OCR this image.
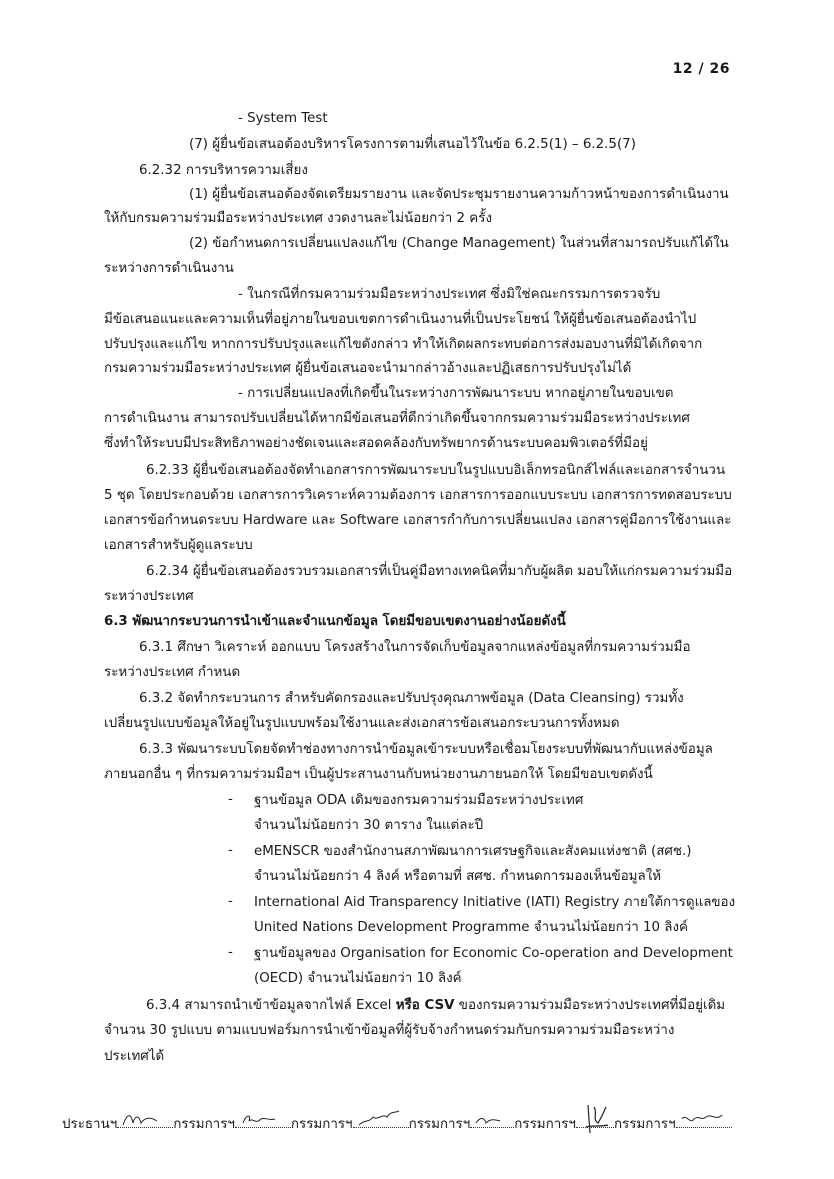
12 / 26
- System Test
(7) ผู้ยื่นข้อเสนอต้องบริหารโครงการตามที่เสนอไว้ในข้อ 6.2.5(1) – 6.2.5(7)
6.2.32 การบริหารความเสี่ยง
(1) ผู้ยื่นข้อเสนอต้องจัดเตรียมรายงาน และจัดประชุมรายงานความก้าวหน้าของการดำเนินงาน
ให้กับกรมความร่วมมือระหว่างประเทศ งวดงานละไม่น้อยกว่า 2 ครั้ง
(2) ข้อกำหนดการเปลี่ยนแปลงแก้ไข (Change Management) ในส่วนที่สามารถปรับแก้ได้ใน
ระหว่างการดำเนินงาน
- ในกรณีที่กรมความร่วมมือระหว่างประเทศ ซึ่งมิใช่คณะกรรมการตรวจรับ
มีข้อเสนอแนะและความเห็นที่อยู่ภายในขอบเขตการดำเนินงานที่เป็นประโยชน์ ให้ผู้ยื่นข้อเสนอต้องนำไป
ปรับปรุงและแก้ไข หากการปรับปรุงและแก้ไขดังกล่าว ทำให้เกิดผลกระทบต่อการส่งมอบงานที่มิได้เกิดจาก
กรมความร่วมมือระหว่างประเทศ ผู้ยื่นข้อเสนอจะนำมากล่าวอ้างและปฏิเสธการปรับปรุงไม่ได้
- การเปลี่ยนแปลงที่เกิดขึ้นในระหว่างการพัฒนาระบบ หากอยู่ภายในขอบเขต
การดำเนินงาน สามารถปรับเปลี่ยนได้หากมีข้อเสนอที่ดีกว่าเกิดขึ้นจากกรมความร่วมมือระหว่างประเทศ
ซึ่งทำให้ระบบมีประสิทธิภาพอย่างชัดเจนและสอดคล้องกับทรัพยากรด้านระบบคอมพิวเตอร์ที่มีอยู่
6.2.33 ผู้ยื่นข้อเสนอต้องจัดทำเอกสารการพัฒนาระบบในรูปแบบอิเล็กทรอนิกส์ไฟล์และเอกสารจำนวน
5 ชุด โดยประกอบด้วย เอกสารการวิเคราะห์ความต้องการ เอกสารการออกแบบระบบ เอกสารการทดสอบระบบ
เอกสารข้อกำหนดระบบ Hardware และ Software เอกสารกำกับการเปลี่ยนแปลง เอกสารคู่มือการใช้งานและ
เอกสารสำหรับผู้ดูแลระบบ
6.2.34 ผู้ยื่นข้อเสนอต้องรวบรวมเอกสารที่เป็นคู่มือทางเทคนิคที่มากับผู้ผลิต มอบให้แก่กรมความร่วมมือ
ระหว่างประเทศ
6.3 พัฒนากระบวนการนำเข้าและจำแนกข้อมูล โดยมีขอบเขตงานอย่างน้อยดังนี้
6.3.1 ศึกษา วิเคราะห์ ออกแบบ โครงสร้างในการจัดเก็บข้อมูลจากแหล่งข้อมูลที่กรมความร่วมมือ
ระหว่างประเทศ กำหนด
6.3.2 จัดทำกระบวนการ สำหรับคัดกรองและปรับปรุงคุณภาพข้อมูล (Data Cleansing) รวมทั้ง
เปลี่ยนรูปแบบข้อมูลให้อยู่ในรูปแบบพร้อมใช้งานและส่งเอกสารข้อเสนอกระบวนการทั้งหมด
6.3.3 พัฒนาระบบโดยจัดทำช่องทางการนำข้อมูลเข้าระบบหรือเชื่อมโยงระบบที่พัฒนากับแหล่งข้อมูล
ภายนอกอื่น ๆ ที่กรมความร่วมมือฯ เป็นผู้ประสานงานกับหน่วยงานภายนอกให้ โดยมีขอบเขตดังนี้
- ฐานข้อมูล ODA เดิมของกรมความร่วมมือระหว่างประเทศ
จำนวนไม่น้อยกว่า 30 ตาราง ในแต่ละปี
- eMENSCR ของสำนักงานสภาพัฒนาการเศรษฐกิจและสังคมแห่งชาติ (สศช.)
จำนวนไม่น้อยกว่า 4 ลิงค์ หรือตามที่ สศช. กำหนดการมองเห็นข้อมูลให้
- International Aid Transparency Initiative (IATI) Registry ภายใต้การดูแลของ
United Nations Development Programme จำนวนไม่น้อยกว่า 10 ลิงค์
- ฐานข้อมูลของ Organisation for Economic Co-operation and Development
(OECD) จำนวนไม่น้อยกว่า 10 ลิงค์
6.3.4 สามารถนำเข้าข้อมูลจากไฟล์ Excel หรือ CSV ของกรมความร่วมมือระหว่างประเทศที่มีอยู่เดิม
จำนวน 30 รูปแบบ ตามแบบฟอร์มการนำเข้าข้อมูลที่ผู้รับจ้างกำหนดร่วมกับกรมความร่วมมือระหว่าง
ประเทศได้
ประธานฯ	กรรมการฯ	กรรมการฯ	กรรมการฯ	กรรมการฯ	กรรมการฯ
